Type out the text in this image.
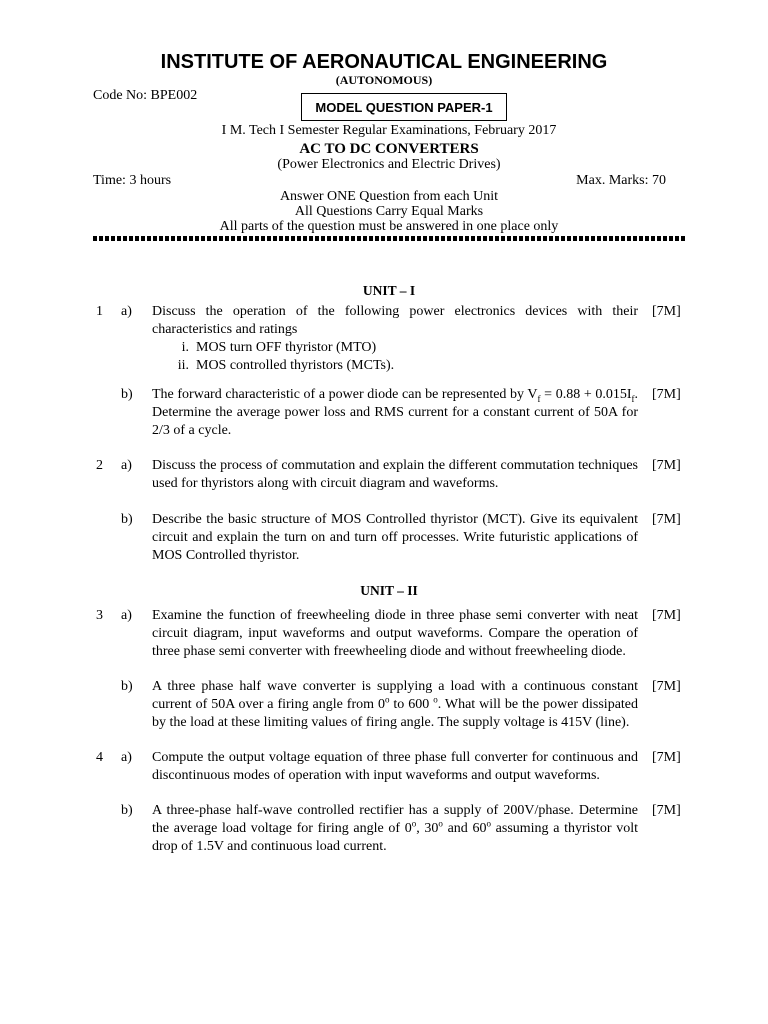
INSTITUTE OF AERONAUTICAL ENGINEERING
(AUTONOMOUS)
Code No: BPE002
MODEL QUESTION PAPER-1
I M. Tech I Semester Regular Examinations, February 2017
AC TO DC CONVERTERS
(Power Electronics and Electric Drives)
Time: 3 hours	Max. Marks: 70
Answer ONE Question from each Unit
All Questions Carry Equal Marks
All parts of the question must be answered in one place only
UNIT – I
1 a) Discuss the operation of the following power electronics devices with their characteristics and ratings
i. MOS turn OFF thyristor (MTO)
ii. MOS controlled thyristors (MCTs).
[7M]
b) The forward characteristic of a power diode can be represented by $V_f = 0.88 + 0.015I_f$. Determine the average power loss and RMS current for a constant current of 50A for 2/3 of a cycle.
[7M]
2 a) Discuss the process of commutation and explain the different commutation techniques used for thyristors along with circuit diagram and waveforms.
[7M]
b) Describe the basic structure of MOS Controlled thyristor (MCT). Give its equivalent circuit and explain the turn on and turn off processes. Write futuristic applications of MOS Controlled thyristor.
[7M]
UNIT – II
3 a) Examine the function of freewheeling diode in three phase semi converter with neat circuit diagram, input waveforms and output waveforms. Compare the operation of three phase semi converter with freewheeling diode and without freewheeling diode.
[7M]
b) A three phase half wave converter is supplying a load with a continuous constant current of 50A over a firing angle from 0$^o$ to 600 $^o$. What will be the power dissipated by the load at these limiting values of firing angle. The supply voltage is 415V (line).
[7M]
4 a) Compute the output voltage equation of three phase full converter for continuous and discontinuous modes of operation with input waveforms and output waveforms.
[7M]
b) A three-phase half-wave controlled rectifier has a supply of 200V/phase. Determine the average load voltage for firing angle of 0$^o$, 30$^o$ and 60$^o$ assuming a thyristor volt drop of 1.5V and continuous load current.
[7M]
